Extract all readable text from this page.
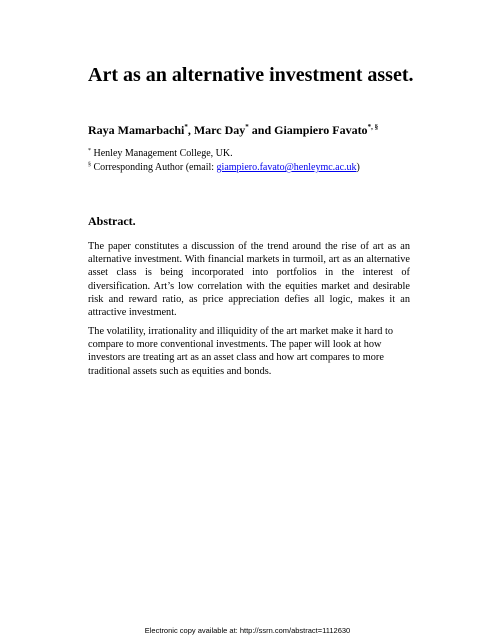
Art as an alternative investment asset.
Raya Mamarbachi*, Marc Day* and Giampiero Favato*, §
* Henley Management College, UK.
§ Corresponding Author (email: giampiero.favato@henleymc.ac.uk)
Abstract.

The paper constitutes a discussion of the trend around the rise of art as an alternative investment. With financial markets in turmoil, art as an alternative asset class is being incorporated into portfolios in the interest of diversification. Art’s low correlation with the equities market and desirable risk and reward ratio, as price appreciation defies all logic, makes it an attractive investment.

The volatility, irrationality and illiquidity of the art market make it hard to compare to more conventional investments. The paper will look at how investors are treating art as an asset class and how art compares to more traditional assets such as equities and bonds.

Electronic copy available at: http://ssrn.com/abstract=1112630
